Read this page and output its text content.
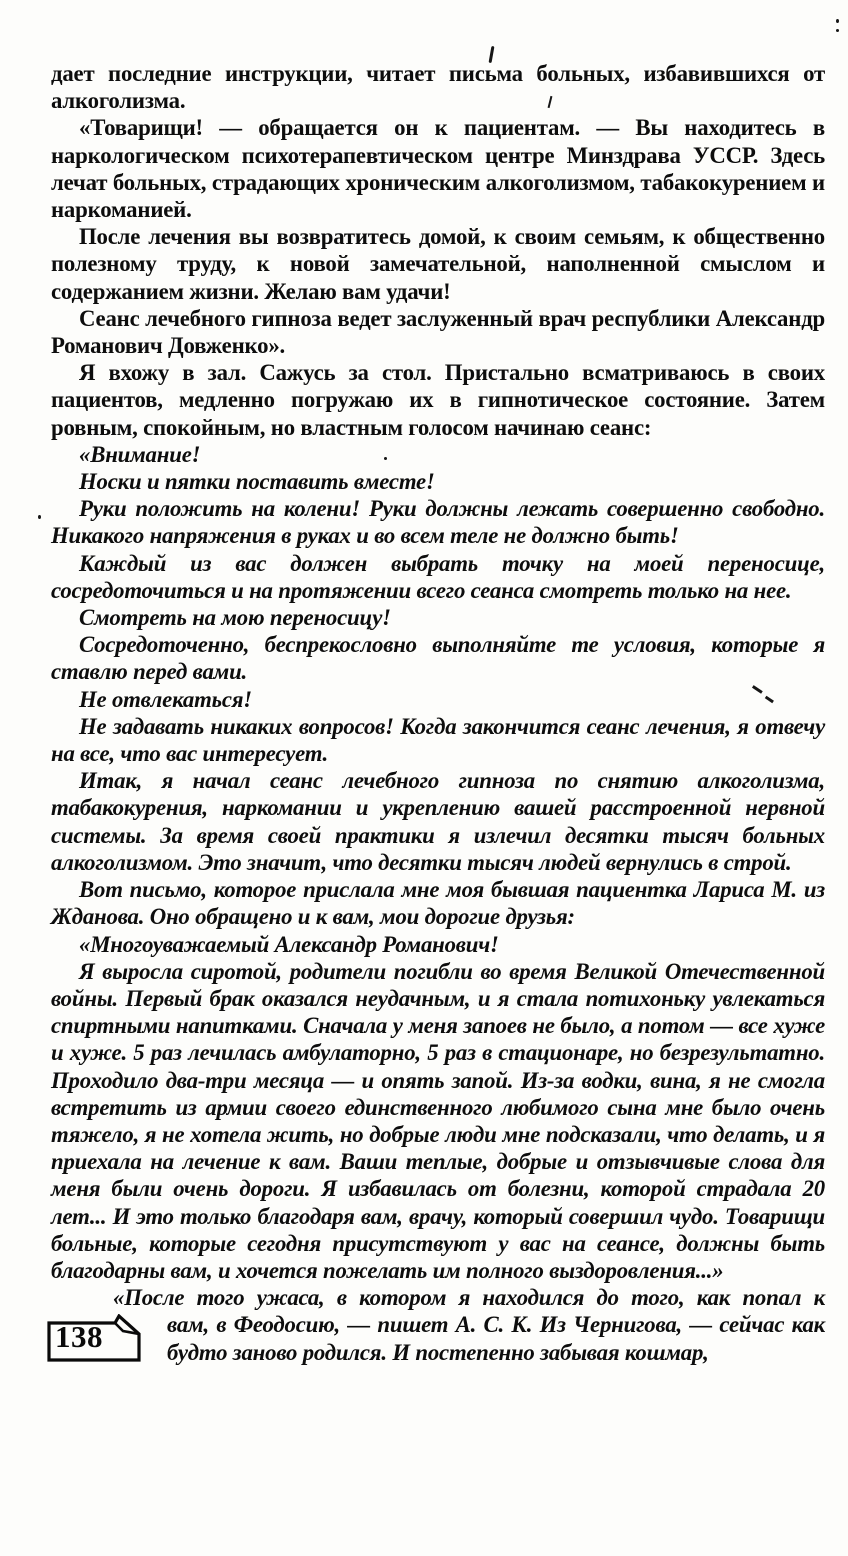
дает последние инструкции, читает письма больных, избавившихся от алкоголизма.

«Товарищи! — обращается он к пациентам. — Вы находитесь в наркологическом психотерапевтическом центре Минздрава УССР. Здесь лечат больных, страдающих хроническим алкоголизмом, табакокурением и наркоманией.

После лечения вы возвратитесь домой, к своим семьям, к общественно полезному труду, к новой замечательной, наполненной смыслом и содержанием жизни. Желаю вам удачи!

Сеанс лечебного гипноза ведет заслуженный врач республики Александр Романович Довженко».

Я вхожу в зал. Сажусь за стол. Пристально всматриваюсь в своих пациентов, медленно погружаю их в гипнотическое состояние. Затем ровным, спокойным, но властным голосом начинаю сеанс:

«Внимание!

Носки и пятки поставить вместе!

Руки положить на колени! Руки должны лежать совершенно свободно. Никакого напряжения в руках и во всем теле не должно быть!

Каждый из вас должен выбрать точку на моей переносице, сосредоточиться и на протяжении всего сеанса смотреть только на нее.

Смотреть на мою переносицу!

Сосредоточенно, беспрекословно выполняйте те условия, которые я ставлю перед вами.

Не отвлекаться!

Не задавать никаких вопросов! Когда закончится сеанс лечения, я отвечу на все, что вас интересует.

Итак, я начал сеанс лечебного гипноза по снятию алкоголизма, табакокурения, наркомании и укреплению вашей расстроенной нервной системы. За время своей практики я излечил десятки тысяч больных алкоголизмом. Это значит, что десятки тысяч людей вернулись в строй.

Вот письмо, которое прислала мне моя бывшая пациентка Лариса М. из Жданова. Оно обращено и к вам, мои дорогие друзья:

«Многоуважаемый Александр Романович!

Я выросла сиротой, родители погибли во время Великой Отечественной войны. Первый брак оказался неудачным, и я стала потихоньку увлекаться спиртными напитками. Сначала у меня запоев не было, а потом — все хуже и хуже. 5 раз лечилась амбулаторно, 5 раз в стационаре, но безрезультатно. Проходило два-три месяца — и опять запой. Из-за водки, вина, я не смогла встретить из армии своего единственного любимого сына мне было очень тяжело, я не хотела жить, но добрые люди мне подсказали, что делать, и я приехала на лечение к вам. Ваши теплые, добрые и отзывчивые слова для меня были очень дороги. Я избавилась от болезни, которой страдала 20 лет... И это только благодаря вам, врачу, который совершил чудо. Товарищи больные, которые сегодня присутствуют у вас на сеансе, должны быть благодарны вам, и хочется пожелать им полного выздоровления...»

«После того ужаса, в котором я находился до того, как попал к

138	вам, в Феодосию, — пишет А. С. К. Из Чернигова, — сейчас как будто заново родился. И постепенно забывая кошмар,
